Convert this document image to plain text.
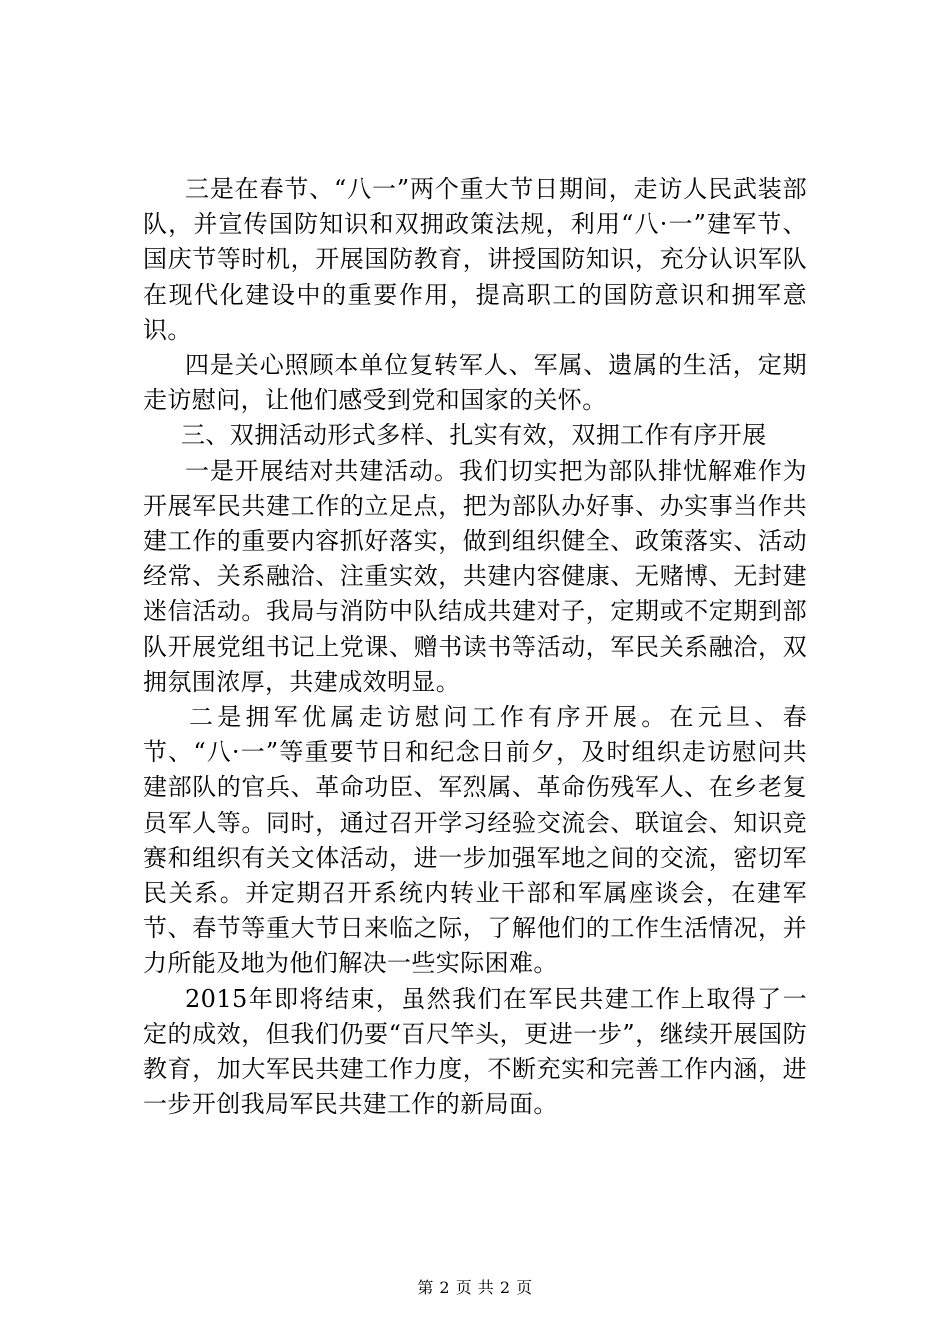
三是在春节、“八一”两个重大节日期间，走访人民武装部队，并宣传国防知识和双拥政策法规，利用“八·一”建军节、国庆节等时机，开展国防教育，讲授国防知识，充分认识军队在现代化建设中的重要作用，提高职工的国防意识和拥军意识。

四是关心照顾本单位复转军人、军属、遗属的生活，定期走访慰问，让他们感受到党和国家的关怀。

三、双拥活动形式多样、扎实有效，双拥工作有序开展

一是开展结对共建活动。我们切实把为部队排忧解难作为开展军民共建工作的立足点，把为部队办好事、办实事当作共建工作的重要内容抓好落实，做到组织健全、政策落实、活动经常、关系融洽、注重实效，共建内容健康、无赌博、无封建迷信活动。我局与消防中队结成共建对子，定期或不定期到部队开展党组书记上党课、赠书读书等活动，军民关系融洽，双拥氛围浓厚，共建成效明显。

二是拥军优属走访慰问工作有序开展。在元旦、春节、“八·一”等重要节日和纪念日前夕，及时组织走访慰问共建部队的官兵、革命功臣、军烈属、革命伤残军人、在乡老复员军人等。同时，通过召开学习经验交流会、联谊会、知识竞赛和组织有关文体活动，进一步加强军地之间的交流，密切军民关系。并定期召开系统内转业干部和军属座谈会，在建军节、春节等重大节日来临之际，了解他们的工作生活情况，并力所能及地为他们解决一些实际困难。

2015年即将结束，虽然我们在军民共建工作上取得了一定的成效，但我们仍要“百尺竿头，更进一步”，继续开展国防教育，加大军民共建工作力度，不断充实和完善工作内涵，进一步开创我局军民共建工作的新局面。

第 2 页 共 2 页
